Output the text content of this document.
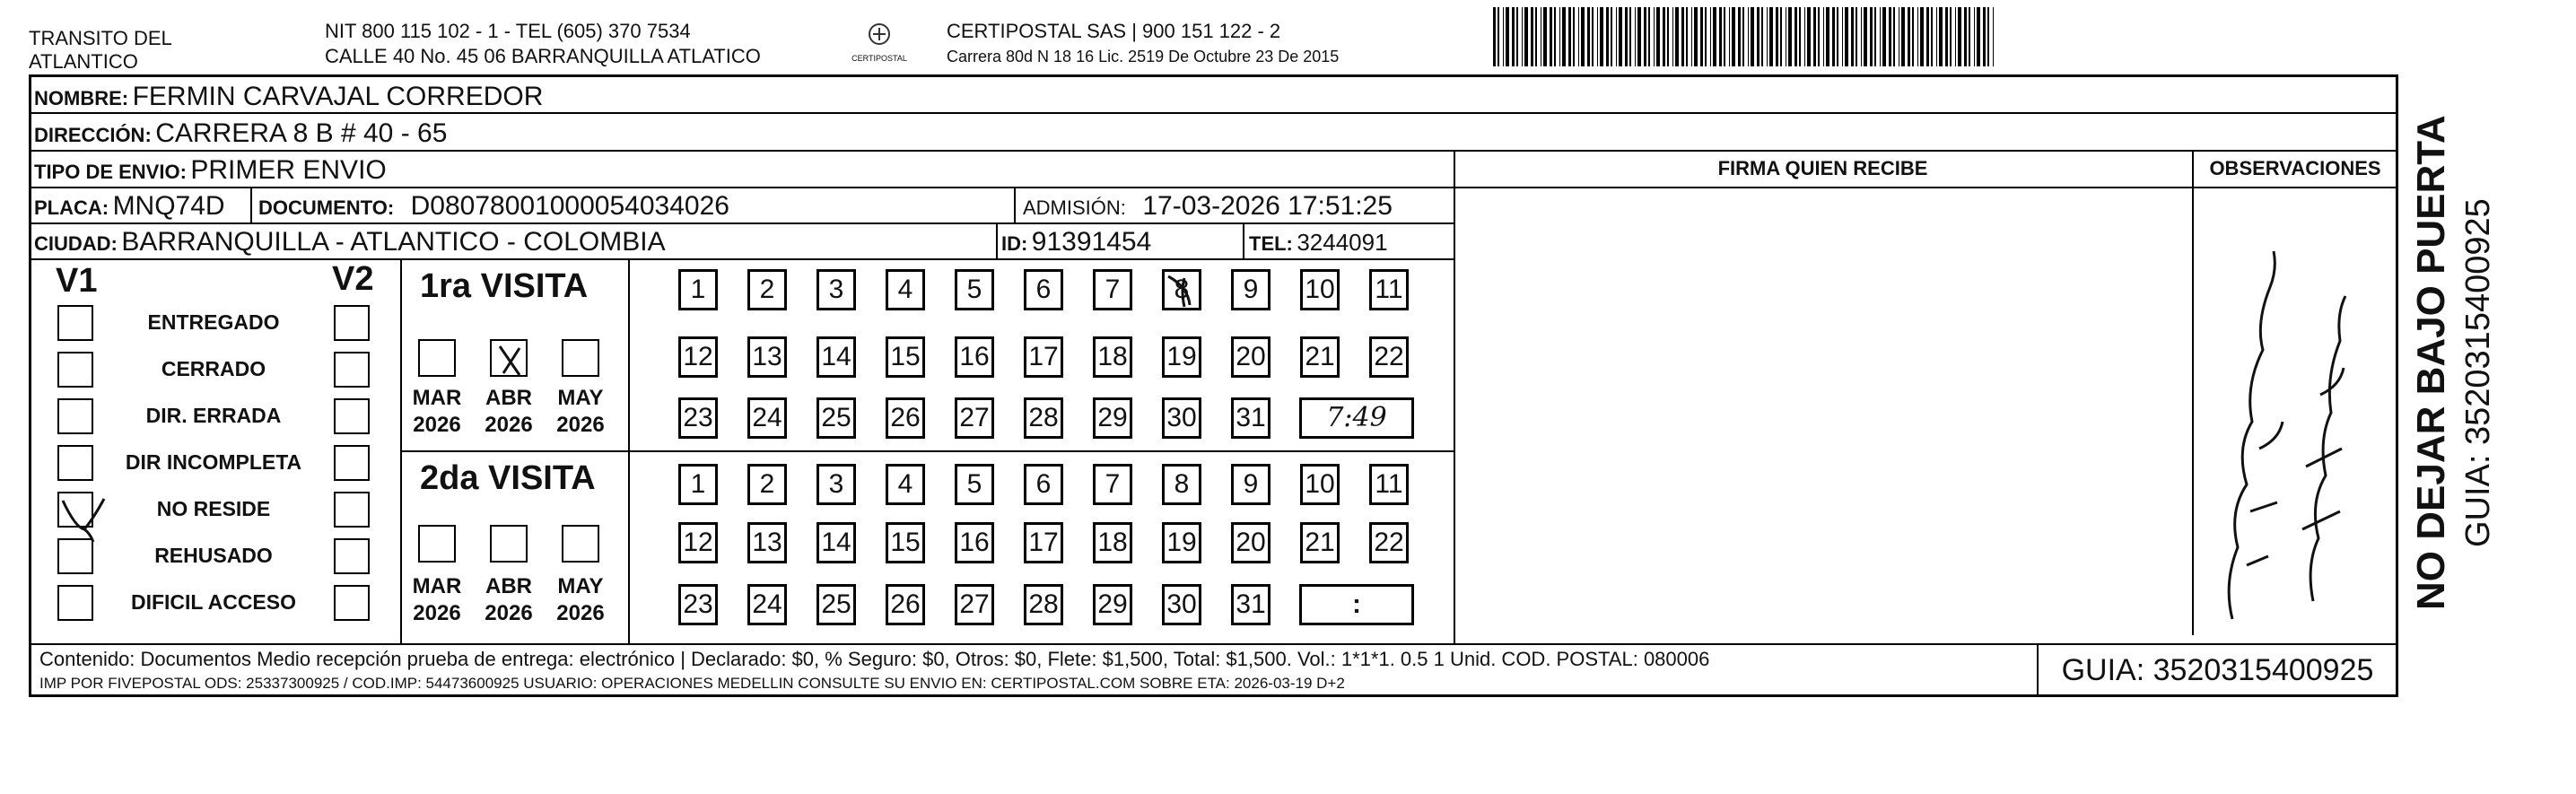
TRANSITO DEL
ATLANTICO
NIT 800 115 102 - 1 - TEL (605) 370 7534
CALLE 40 No. 45 06 BARRANQUILLA ATLATICO	CERTIPOSTAL
CERTIPOSTAL SAS | 900 151 122 - 2
Carrera 80d N 18 16 Lic. 2519 De Octubre 23 De 2015
NOMBRE: FERMIN CARVAJAL CORREDOR
DIRECCIÓN: CARRERA 8 B # 40 - 65
TIPO DE ENVIO: PRIMER ENVIO	FIRMA QUIEN RECIBE	OBSERVACIONES
PLACA: MNQ74D DOCUMENTO: D08078001000054034026	ADMISIÓN: 17-03-2026 17:51:25
CIUDAD: BARRANQUILLA - ATLANTICO - COLOMBIA	ID: 91391454	TEL: 3244091
V1	V2
ENTREGADO
CERRADO
DIR. ERRADA
DIR INCOMPLETA
NO RESIDE
REHUSADO
DIFICIL ACCESO
1ra VISITA
MAR
2026
ABR
2026
MAY
2026
1	2	3	4	5	6	7	8	9	10 11
12 13 14 15 16 17 18 19 20 21 22
23 24 25 26 27 28 29 30 31	7:49
2da VISITA
MAR
2026
ABR
2026
MAY
2026
1	2	3	4	5	6	7	8	9	10 11
12 13 14 15 16 17 18 19 20 21 22
23 24 25 26 27 28 29 30 31	:
Contenido: Documentos Medio recepción prueba de entrega: electrónico | Declarado: $0, % Seguro: $0, Otros: $0, Flete: $1,500, Total: $1,500. Vol.: 1*1*1. 0.5 1 Unid. COD. POSTAL: 080006
IMP POR FIVEPOSTAL ODS: 25337300925 / COD.IMP: 54473600925 USUARIO: OPERACIONES MEDELLIN CONSULTE SU ENVIO EN: CERTIPOSTAL.COM SOBRE ETA: 2026-03-19 D+2	GUIA: 3520315400925
NO DEJAR BAJO PUERTA GUIA: 3520315400925
